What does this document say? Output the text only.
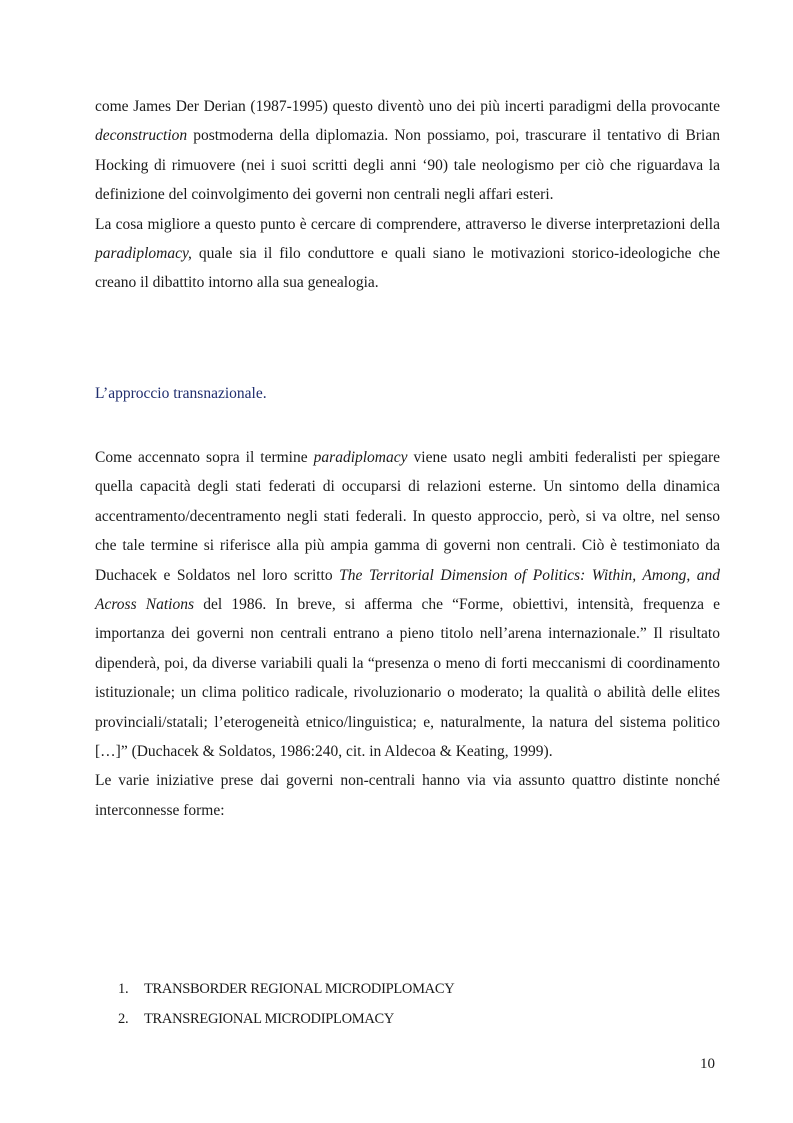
come James Der Derian (1987-1995) questo diventò uno dei più incerti paradigmi della provocante deconstruction postmoderna della diplomazia. Non possiamo, poi, trascurare il tentativo di Brian Hocking di rimuovere (nei i suoi scritti degli anni ‘90) tale neologismo per ciò che riguardava la definizione del coinvolgimento dei governi non centrali negli affari esteri.

La cosa migliore a questo punto è cercare di comprendere, attraverso le diverse interpretazioni della paradiplomacy, quale sia il filo conduttore e quali siano le motivazioni storico-ideologiche che creano il dibattito intorno alla sua genealogia.

L’approccio transnazionale.

Come accennato sopra il termine paradiplomacy viene usato negli ambiti federalisti per spiegare quella capacità degli stati federati di occuparsi di relazioni esterne. Un sintomo della dinamica accentramento/decentramento negli stati federali. In questo approccio, però, si va oltre, nel senso che tale termine si riferisce alla più ampia gamma di governi non centrali. Ciò è testimoniato da Duchacek e Soldatos nel loro scritto The Territorial Dimension of Politics: Within, Among, and Across Nations del 1986. In breve, si afferma che “Forme, obiettivi, intensità, frequenza e importanza dei governi non centrali entrano a pieno titolo nell’arena internazionale.” Il risultato dipenderà, poi, da diverse variabili quali la “presenza o meno di forti meccanismi di coordinamento istituzionale; un clima politico radicale, rivoluzionario o moderato; la qualità o abilità delle elites provinciali/statali; l’eterogeneità etnico/linguistica; e, naturalmente, la natura del sistema politico […]” (Duchacek & Soldatos, 1986:240, cit. in Aldecoa & Keating, 1999).

Le varie iniziative prese dai governi non-centrali hanno via via assunto quattro distinte nonché interconnesse forme:

1. TRANSBORDER REGIONAL MICRODIPLOMACY
2. TRANSREGIONAL MICRODIPLOMACY
10
